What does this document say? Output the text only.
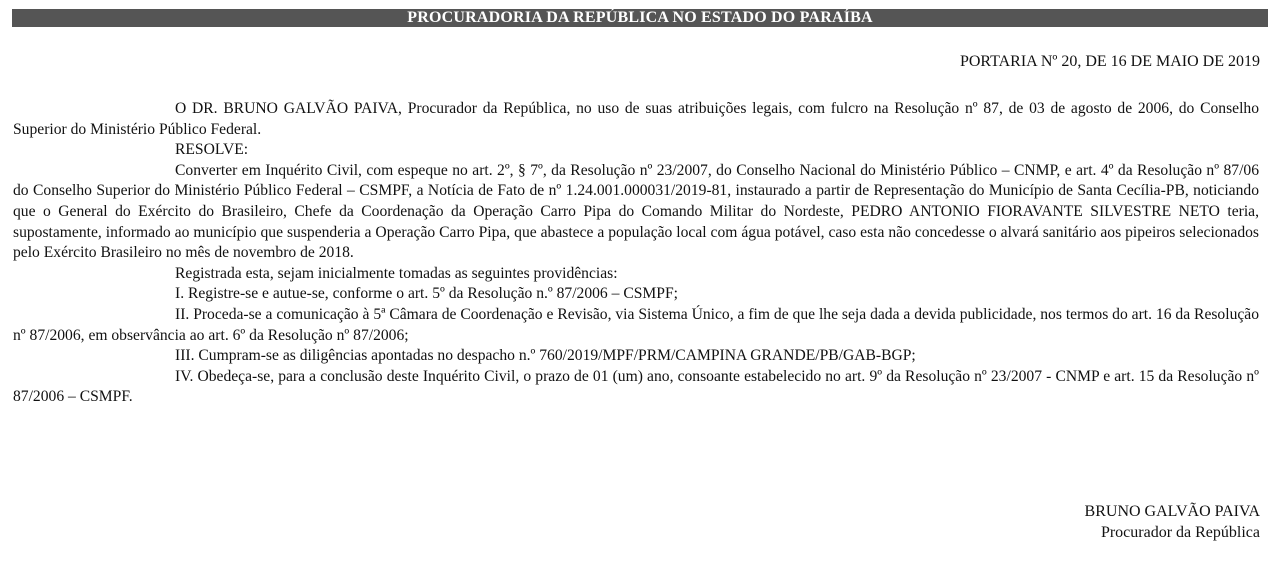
PROCURADORIA DA REPÚBLICA NO ESTADO DO PARAÍBA
PORTARIA Nº 20, DE 16 DE MAIO DE 2019

O DR. BRUNO GALVÃO PAIVA, Procurador da República, no uso de suas atribuições legais, com fulcro na Resolução nº 87, de 03 de agosto de 2006, do Conselho Superior do Ministério Público Federal.

RESOLVE:

Converter em Inquérito Civil, com espeque no art. 2º, § 7º, da Resolução nº 23/2007, do Conselho Nacional do Ministério Público – CNMP, e art. 4º da Resolução nº 87/06 do Conselho Superior do Ministério Público Federal – CSMPF, a Notícia de Fato de nº 1.24.001.000031/2019-81, instaurado a partir de Representação do Município de Santa Cecília-PB, noticiando que o General do Exército do Brasileiro, Chefe da Coordenação da Operação Carro Pipa do Comando Militar do Nordeste, PEDRO ANTONIO FIORAVANTE SILVESTRE NETO teria, supostamente, informado ao município que suspenderia a Operação Carro Pipa, que abastece a população local com água potável, caso esta não concedesse o alvará sanitário aos pipeiros selecionados pelo Exército Brasileiro no mês de novembro de 2018.

Registrada esta, sejam inicialmente tomadas as seguintes providências:

I. Registre-se e autue-se, conforme o art. 5º da Resolução n.º 87/2006 – CSMPF;

II. Proceda-se a comunicação à 5ª Câmara de Coordenação e Revisão, via Sistema Único, a fim de que lhe seja dada a devida publicidade, nos termos do art. 16 da Resolução nº 87/2006, em observância ao art. 6º da Resolução nº 87/2006;

III. Cumpram-se as diligências apontadas no despacho n.º 760/2019/MPF/PRM/CAMPINA GRANDE/PB/GAB-BGP;

IV. Obedeça-se, para a conclusão deste Inquérito Civil, o prazo de 01 (um) ano, consoante estabelecido no art. 9º da Resolução nº 23/2007 - CNMP e art. 15 da Resolução nº 87/2006 – CSMPF.

BRUNO GALVÃO PAIVA
Procurador da República
